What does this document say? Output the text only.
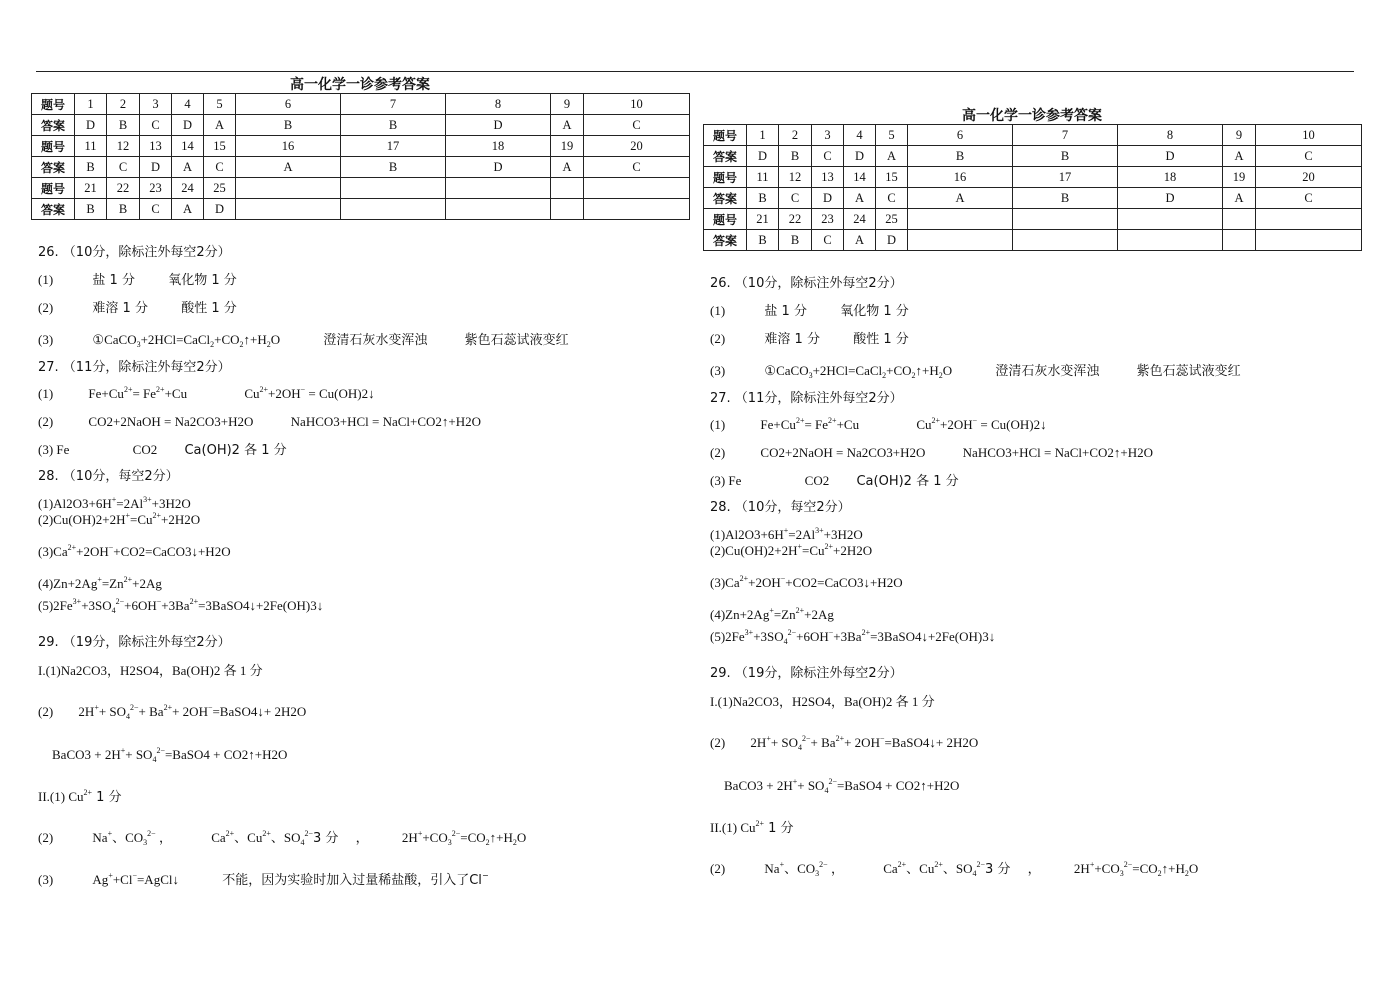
高一化学一诊参考答案
题号	1	2	3	4	5	6	7	8	9	10
答案	D	B	C	D	A	B	B	D	A	C
题号	11	12	13	14	15	16	17	18	19	20
答案	B	C	D	A	C	A	B	D	A	C
题号	21	22	23	24	25					
答案	B	B	C	A	D					
26. （10分，除标注外每空2分）
(1)	盐 1 分	氧化物 1 分
(2)	难溶 1 分	酸性 1 分
(3)	$①CaCO_3+2HCl=CaCl_2+CO_2↑+H_2O$	澄清石灰水变浑浊	紫色石蕊试液变红
27. （11分，除标注外每空2分）
(1)	$Fe+Cu^{2+}= Fe^{2+}+Cu$	$Cu^{2+}+2OH^-$ = Cu(OH)2↓
(2)	CO2+2NaOH = Na2CO3+H2O	NaHCO3+HCl = NaCl+CO2↑+H2O
(3) Fe	CO2 Ca(OH)2 各 1 分
28. （10分，每空2分）
$(1)Al2O3+6H^+=2Al^{3+}+3H2O$
$(2)Cu(OH)2+2H^+=Cu^{2+}+2H2O$
$(3)Ca^{2+}+2OH^-+CO2=CaCO3↓+H2O$
$(4)Zn+2Ag^+=Zn^{2+}+2Ag$
$(5)2Fe^{3+}+3SO_4^{2-}+6OH^-+3Ba^{2+}=3BaSO4↓+2Fe(OH)3↓$
29. （19分，除标注外每空2分）
I.(1)Na2CO3，H2SO4，Ba(OH)2 各 1 分
(2) $2H^++ SO_4^{2-}+ Ba^{2+}+$ 2OH−=BaSO4↓+ 2H2O
BaCO3 + $2H^++ SO_4^{2-}=BaSO4$ + CO2↑+H2O
II.(1) $Cu^{2+}$ 1 分
(2)	Na+、$CO_3^{2-}$ ，	$Ca^{2+}$、$Cu^{2+}$、$SO_4^{2-}3$ 分 ，	$2H^++CO_3^{2-}=CO_2↑+H_2O$
(3)	Ag++Cl−=AgCl↓	不能，因为实验时加入过量稀盐酸，引入了Cl−
高一化学一诊参考答案
题号	1	2	3	4	5	6	7	8	9	10
答案	D	B	C	D	A	B	B	D	A	C
题号	11	12	13	14	15	16	17	18	19	20
答案	B	C	D	A	C	A	B	D	A	C
题号	21	22	23	24	25					
答案	B	B	C	A	D					
26. （10分，除标注外每空2分）
(1)	盐 1 分	氧化物 1 分
(2)	难溶 1 分	酸性 1 分
(3)	$①CaCO_3+2HCl=CaCl_2+CO_2↑+H_2O$	澄清石灰水变浑浊	紫色石蕊试液变红
27. （11分，除标注外每空2分）
(1)	$Fe+Cu^{2+}= Fe^{2+}+Cu$	$Cu^{2+}+2OH^-$ = Cu(OH)2↓
(2)	CO2+2NaOH = Na2CO3+H2O	NaHCO3+HCl = NaCl+CO2↑+H2O
(3) Fe	CO2 Ca(OH)2 各 1 分
28. （10分，每空2分）
$(1)Al2O3+6H^+=2Al^{3+}+3H2O$
$(2)Cu(OH)2+2H^+=Cu^{2+}+2H2O$
$(3)Ca^{2+}+2OH^-+CO2=CaCO3↓+H2O$
$(4)Zn+2Ag^+=Zn^{2+}+2Ag$
$(5)2Fe^{3+}+3SO_4^{2-}+6OH^-+3Ba^{2+}=3BaSO4↓+2Fe(OH)3↓$
29. （19分，除标注外每空2分）
I.(1)Na2CO3，H2SO4，Ba(OH)2 各 1 分
(2) $2H^++ SO_4^{2-}+ Ba^{2+}+$ 2OH−=BaSO4↓+ 2H2O
BaCO3 + $2H^++ SO_4^{2-}=BaSO4$ + CO2↑+H2O
II.(1) $Cu^{2+}$ 1 分
(2)	Na+、$CO_3^{2-}$ ，	$Ca^{2+}$、$Cu^{2+}$、$SO_4^{2-}3$ 分 ，	$2H^++CO_3^{2-}=CO_2↑+H_2O$
